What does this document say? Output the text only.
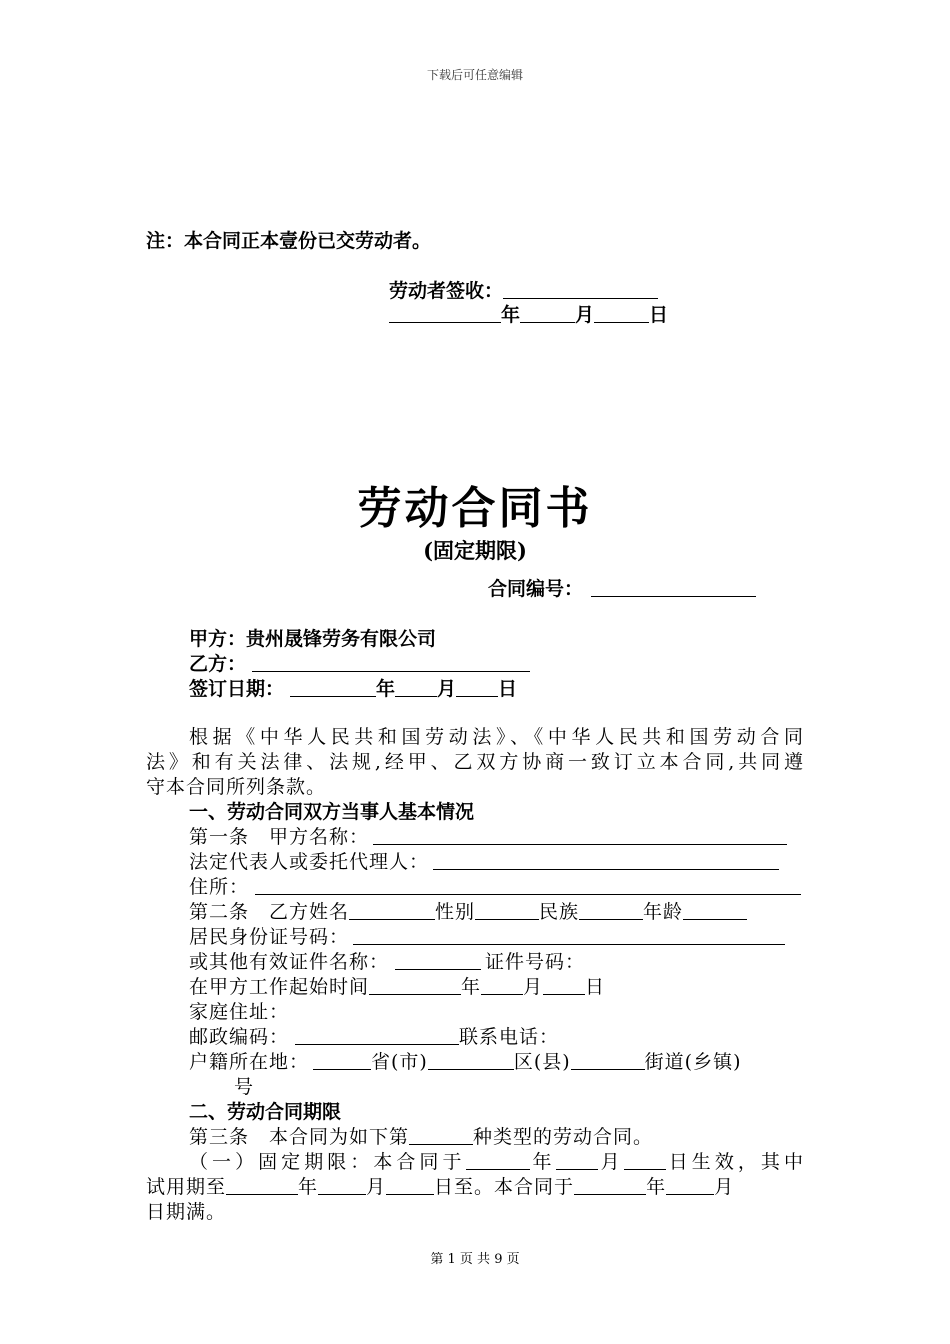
下载后可任意编辑
注：本合同正本壹份已交劳动者。
劳动者签收：
年	月	日
劳动合同书
(固定期限)
合同编号：
甲方：贵州晟锋劳务有限公司
乙方：
签订日期：	年 月 日
根据《中华人民共和国劳动法》、《中华人民共和国劳动合同
法》和有关法律、法规,经甲、乙双方协商一致订立本合同,共同遵
守本合同所列条款。
一、劳动合同双方当事人基本情况
第一条　甲方名称：
法定代表人或委托代理人：
住所：
第二条　乙方姓名	性别	民族	年龄
居民身份证号码：
或其他有效证件名称：	证件号码：
在甲方工作起始时间	年 月 日
家庭住址：
邮政编码：	联系电话：
户籍所在地：	省(市)	区(县)	街道(乡镇)
号
二、劳动合同期限
第三条　本合同为如下第	种类型的劳动合同。
（一）固定期限：本合同于	年 月 日生效，其中
试用期至	年	月	日至。本合同于	年	月
日期满。
第 1 页 共 9 页
